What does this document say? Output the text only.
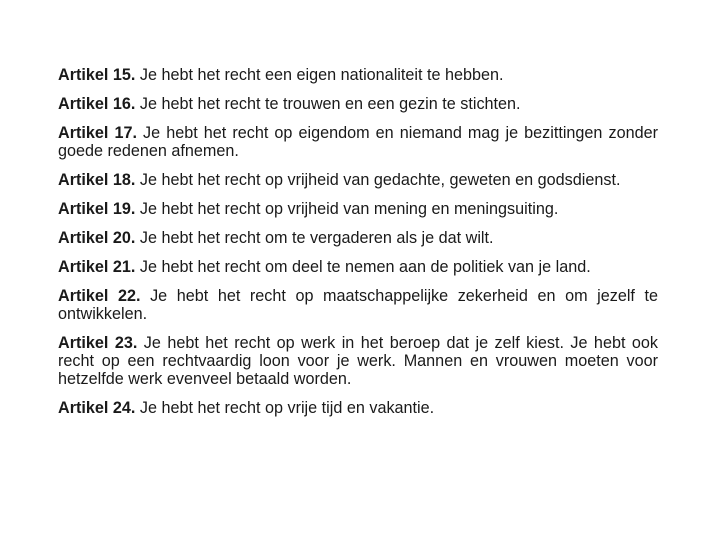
Artikel 15. Je hebt het recht een eigen nationaliteit te hebben.

Artikel 16. Je hebt het recht te trouwen en een gezin te stichten.

Artikel 17. Je hebt het recht op eigendom en niemand mag je bezittingen zonder goede redenen afnemen.

Artikel 18. Je hebt het recht op vrijheid van gedachte, geweten en godsdienst.

Artikel 19. Je hebt het recht op vrijheid van mening en meningsuiting.

Artikel 20. Je hebt het recht om te vergaderen als je dat wilt.

Artikel 21. Je hebt het recht om deel te nemen aan de politiek van je land.

Artikel 22. Je hebt het recht op maatschappelijke zekerheid en om jezelf te ontwikkelen.

Artikel 23. Je hebt het recht op werk in het beroep dat je zelf kiest. Je hebt ook recht op een rechtvaardig loon voor je werk. Mannen en vrouwen moeten voor hetzelfde werk evenveel betaald worden.

Artikel 24. Je hebt het recht op vrije tijd en vakantie.
